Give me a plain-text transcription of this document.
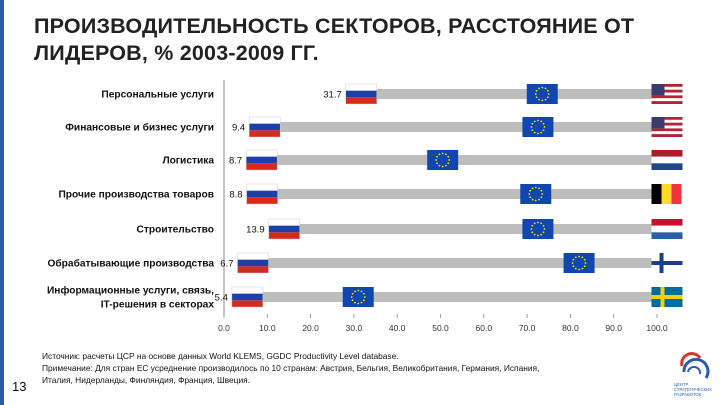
ПРОИЗВОДИТЕЛЬНОСТЬ СЕКТОРОВ, РАССТОЯНИЕ ОТ
ЛИДЕРОВ, % 2003-2009 ГГ.
0.0	10.0	20.0	30.0	40.0	50.0	60.0	70.0	80.0	90.0	100.0
Персональные услуги	31.7
Финансовые и бизнес услуги 9.4
Логистика 8.7
Прочие производства товаров 8.8
Строительство	13.9
Обрабатывающие производства 6.7
Информационные услуги, связь,
IT-решения в секторах
5.4
Источник: расчеты ЦСР на основе данных World KLEMS, GGDC Productivity Level database.
Примечание: Для стран ЕС усреднение производилось по 10 странам: Австрия, Бельгия, Великобритания, Германия, Испания,
Италия, Нидерланды, Финляндия, Франция, Швеция.
13	ЦЕНТР СТРАТЕГИЧЕСКИХ РАЗРАБОТОК
